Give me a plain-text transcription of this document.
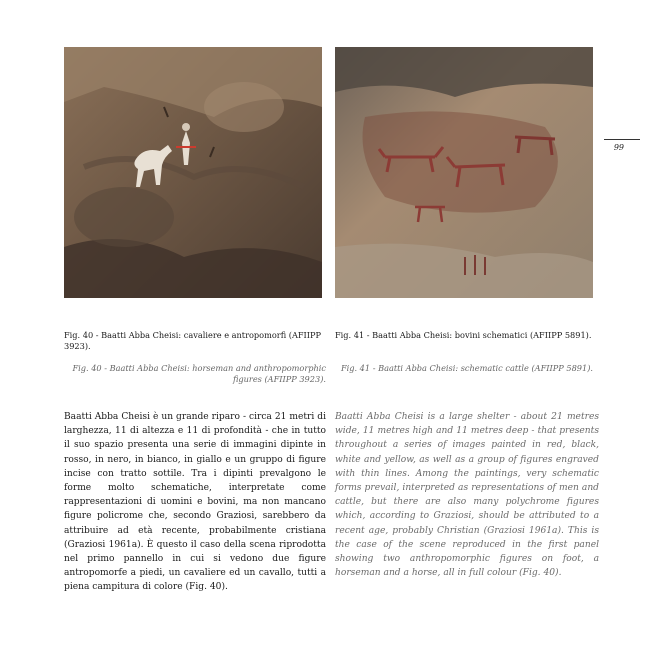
99
Fig. 40 - Baatti Abba Cheisi: cavaliere e antropomorfi (AFIIPP 3923).
Fig. 41 - Baatti Abba Cheisi: bovini schematici (AFIIPP 5891).
Fig. 40 - Baatti Abba Cheisi: horseman and anthropomorphic figures (AFIIPP 3923).
Fig. 41 - Baatti Abba Cheisi: schematic cattle (AFIIPP 5891).
Baatti Abba Cheisi è un grande riparo - circa 21 metri di larghezza, 11 di altezza e 11 di profondità - che in tutto il suo spazio presenta una serie di immagini dipinte in rosso, in nero, in bianco, in giallo e un gruppo di figure incise con tratto sottile. Tra i dipinti prevalgono le forme molto schematiche, interpretate come rappresentazioni di uomini e bovini, ma non mancano figure policrome che, secondo Graziosi, sarebbero da attribuire ad età recente, probabilmente cristiana (Graziosi 1961a). È questo il caso della scena riprodotta nel primo pannello in cui si vedono due figure antropomorfe a piedi, un cavaliere ed un cavallo, tutti a piena campitura di colore (Fig. 40).
Baatti Abba Cheisi is a large shelter - about 21 metres wide, 11 metres high and 11 metres deep - that presents throughout a series of images painted in red, black, white and yellow, as well as a group of figures engraved with thin lines. Among the paintings, very schematic forms prevail, interpreted as representations of men and cattle, but there are also many polychrome figures which, according to Graziosi, should be attributed to a recent age, probably Christian (Graziosi 1961a). This is the case of the scene reproduced in the first panel showing two anthropomorphic figures on foot, a horseman and a horse, all in full colour (Fig. 40).
